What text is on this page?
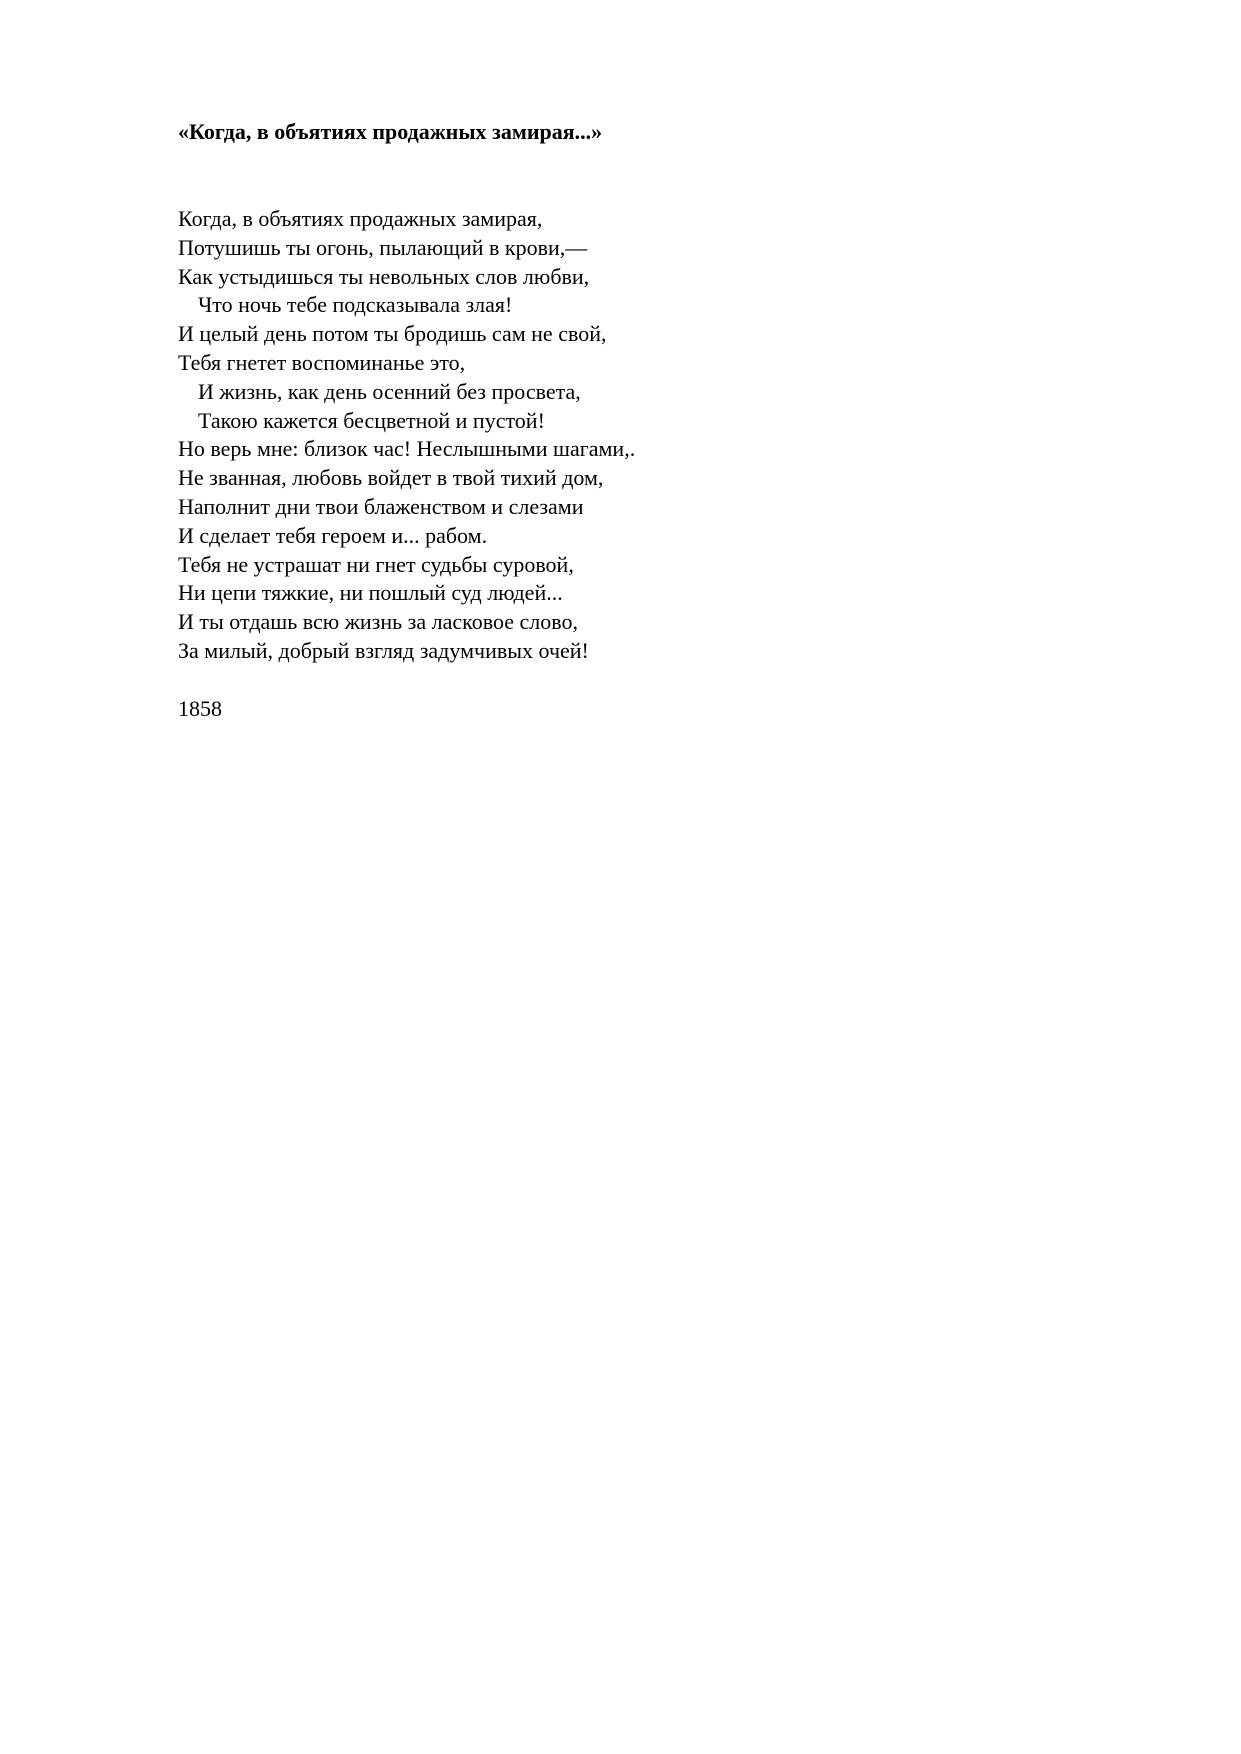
«Когда, в объятиях продажных замирая...»
Когда, в объятиях продажных замирая,
Потушишь ты огонь, пылающий в крови,—
Как устыдишься ты невольных слов любви,
Что ночь тебе подсказывала злая!
И целый день потом ты бродишь сам не свой,
Тебя гнетет воспоминанье это,
И жизнь, как день осенний без просвета,
Такою кажется бесцветной и пустой!
Но верь мне: близок час! Неслышными шагами,.
Не званная, любовь войдет в твой тихий дом,
Наполнит дни твои блаженством и слезами
И сделает тебя героем и... рабом.
Тебя не устрашат ни гнет судьбы суровой,
Ни цепи тяжкие, ни пошлый суд людей...
И ты отдашь всю жизнь за ласковое слово,
За милый, добрый взгляд задумчивых очей!
1858
